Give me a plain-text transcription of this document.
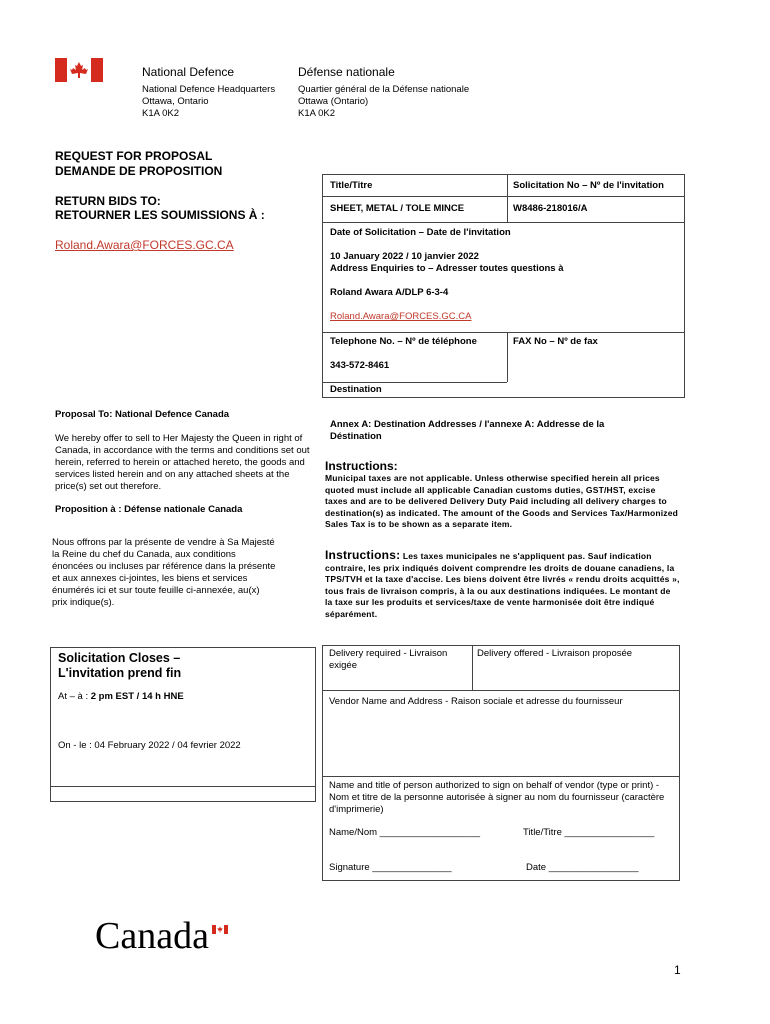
National Defence	Défense nationale
National Defence Headquarters
Ottawa, Ontario
K1A 0K2
Quartier général de la Défense nationale
Ottawa (Ontario)
K1A 0K2
REQUEST FOR PROPOSAL
DEMANDE DE PROPOSITION
RETURN BIDS TO:
RETOURNER LES SOUMISSIONS À :
Roland.Awara@FORCES.GC.CA
Proposal To: National Defence Canada
We hereby offer to sell to Her Majesty the Queen in right of Canada, in accordance with the terms and conditions set out herein, referred to herein or attached hereto, the goods and services listed herein and on any attached sheets at the price(s) set out therefore.
Proposition à : Défense nationale Canada
Nous offrons par la présente de vendre à Sa Majesté la Reine du chef du Canada, aux conditions énoncées ou incluses par référence dans la présente et aux annexes ci-jointes, les biens et services énumérés ici et sur toute feuille ci-annexée, au(x) prix indique(s).
Solicitation Closes –
L'invitation prend fin
At – à : 2 pm EST / 14 h HNE
On - le : 04 February 2022 / 04 fevrier 2022
Title/Titre	Solicitation No – Nº de l'invitation
SHEET, METAL / TOLE MINCE	W8486-218016/A
Date of Solicitation – Date de l'invitation
10 January 2022 / 10 janvier 2022
Address Enquiries to – Adresser toutes questions à
Roland Awara A/DLP 6-3-4
Roland.Awara@FORCES.GC.CA
Telephone No. – Nº de téléphone	FAX No – Nº de fax
343-572-8461
Destination
Annex A: Destination Addresses / l'annexe A: Addresse de la
Déstination
Instructions:
Municipal taxes are not applicable. Unless otherwise specified herein all prices quoted must include all applicable Canadian customs duties, GST/HST, excise taxes and are to be delivered Delivery Duty Paid including all delivery charges to destination(s) as indicated. The amount of the Goods and Services Tax/Harmonized Sales Tax is to be shown as a separate item.
Instructions: Les taxes municipales ne s'appliquent pas. Sauf indication contraire, les prix indiqués doivent comprendre les droits de douane canadiens, la TPS/TVH et la taxe d'accise. Les biens doivent être livrés « rendu droits acquittés », tous frais de livraison compris, à la ou aux destinations indiquées. Le montant de la taxe sur les produits et services/taxe de vente harmonisée doit être indiqué séparément.
Delivery required - Livraison exigée
Delivery offered - Livraison proposée
Vendor Name and Address - Raison sociale et adresse du fournisseur
Name and title of person authorized to sign on behalf of vendor (type or print) - Nom et titre de la personne autorisée à signer au nom du fournisseur (caractère d'imprimerie)
Name/Nom ___________________	Title/Titre _________________
Signature _______________	Date _________________
Canada
1
